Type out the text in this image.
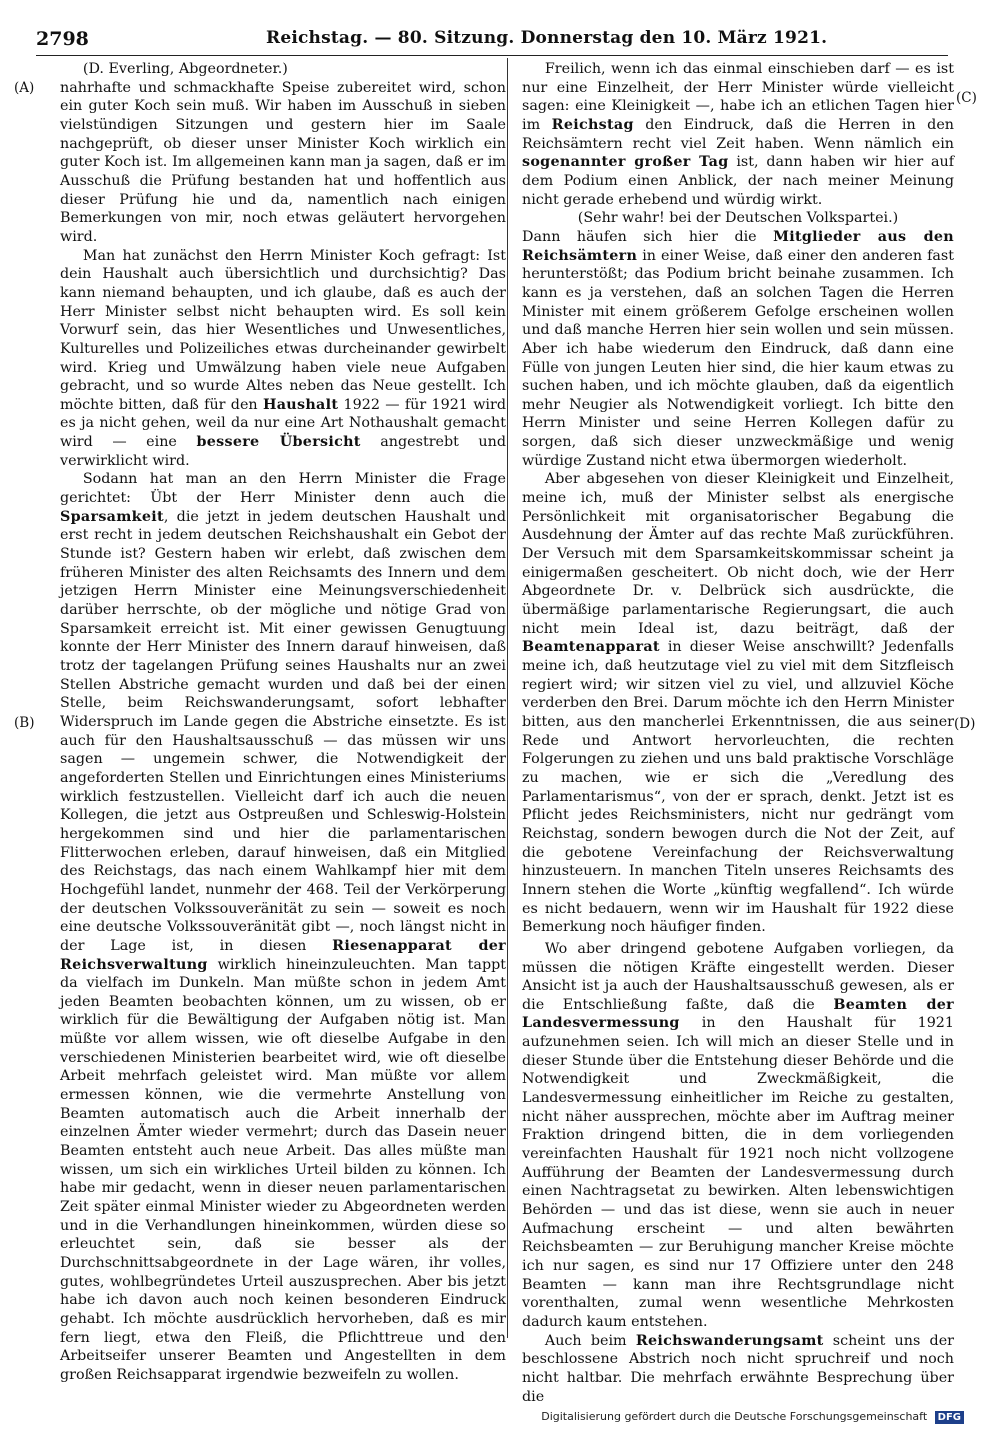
2798	Reichstag. — 80. Sitzung. Donnerstag den 10. März 1921.
(A)
(B)
(C)
(D)

(D. Everling, Abgeordneter.)

nahrhafte und schmackhafte Speise zubereitet wird, schon ein guter Koch sein muß. Wir haben im Ausschuß in sieben vielstündigen Sitzungen und gestern hier im Saale nachgeprüft, ob dieser unser Minister Koch wirklich ein guter Koch ist. Im allgemeinen kann man ja sagen, daß er im Ausschuß die Prüfung bestanden hat und hoffentlich aus dieser Prüfung hie und da, namentlich nach einigen Bemerkungen von mir, noch etwas geläutert hervorgehen wird.

Man hat zunächst den Herrn Minister Koch gefragt: Ist dein Haushalt auch übersichtlich und durchsichtig? Das kann niemand behaupten, und ich glaube, daß es auch der Herr Minister selbst nicht behaupten wird. Es soll kein Vorwurf sein, das hier Wesentliches und Unwesentliches, Kulturelles und Polizeiliches etwas durcheinander gewirbelt wird. Krieg und Umwälzung haben viele neue Aufgaben gebracht, und so wurde Altes neben das Neue gestellt. Ich möchte bitten, daß für den Haushalt 1922 — für 1921 wird es ja nicht gehen, weil da nur eine Art Nothaushalt gemacht wird — eine bessere Übersicht angestrebt und verwirklicht wird.

Sodann hat man an den Herrn Minister die Frage gerichtet: Übt der Herr Minister denn auch die Sparsamkeit, die jetzt in jedem deutschen Haushalt und erst recht in jedem deutschen Reichshaushalt ein Gebot der Stunde ist? Gestern haben wir erlebt, daß zwischen dem früheren Minister des alten Reichsamts des Innern und dem jetzigen Herrn Minister eine Meinungsverschiedenheit darüber herrschte, ob der mögliche und nötige Grad von Sparsamkeit erreicht ist. Mit einer gewissen Genugtuung konnte der Herr Minister des Innern darauf hinweisen, daß trotz der tagelangen Prüfung seines Haushalts nur an zwei Stellen Abstriche gemacht wurden und daß bei der einen Stelle, beim Reichswanderungsamt, sofort lebhafter Widerspruch im Lande gegen die Abstriche einsetzte. Es ist auch für den Haushaltsausschuß — das müssen wir uns sagen — ungemein schwer, die Notwendigkeit der angeforderten Stellen und Einrichtungen eines Ministeriums wirklich festzustellen. Vielleicht darf ich auch die neuen Kollegen, die jetzt aus Ostpreußen und Schleswig-Holstein hergekommen sind und hier die parlamentarischen Flitterwochen erleben, darauf hinweisen, daß ein Mitglied des Reichstags, das nach einem Wahlkampf hier mit dem Hochgefühl landet, nunmehr der 468. Teil der Verkörperung der deutschen Volkssouveränität zu sein — soweit es noch eine deutsche Volkssouveränität gibt —, noch längst nicht in der Lage ist, in diesen Riesenapparat der Reichsverwaltung wirklich hineinzuleuchten. Man tappt da vielfach im Dunkeln. Man müßte schon in jedem Amt jeden Beamten beobachten können, um zu wissen, ob er wirklich für die Bewältigung der Aufgaben nötig ist. Man müßte vor allem wissen, wie oft dieselbe Aufgabe in den verschiedenen Ministerien bearbeitet wird, wie oft dieselbe Arbeit mehrfach geleistet wird. Man müßte vor allem ermessen können, wie die vermehrte Anstellung von Beamten automatisch auch die Arbeit innerhalb der einzelnen Ämter wieder vermehrt; durch das Dasein neuer Beamten entsteht auch neue Arbeit. Das alles müßte man wissen, um sich ein wirkliches Urteil bilden zu können. Ich habe mir gedacht, wenn in dieser neuen parlamentarischen Zeit später einmal Minister wieder zu Abgeordneten werden und in die Verhandlungen hineinkommen, würden diese so erleuchtet sein, daß sie besser als der Durchschnittsabgeordnete in der Lage wären, ihr volles, gutes, wohlbegründetes Urteil auszusprechen. Aber bis jetzt habe ich davon auch noch keinen besonderen Eindruck gehabt. Ich möchte ausdrücklich hervorheben, daß es mir fern liegt, etwa den Fleiß, die Pflichttreue und den Arbeitseifer unserer Beamten und Angestellten in dem großen Reichsapparat irgendwie bezweifeln zu wollen.

Freilich, wenn ich das einmal einschieben darf — es ist nur eine Einzelheit, der Herr Minister würde vielleicht sagen: eine Kleinigkeit —, habe ich an etlichen Tagen hier im Reichstag den Eindruck, daß die Herren in den Reichsämtern recht viel Zeit haben. Wenn nämlich ein sogenannter großer Tag ist, dann haben wir hier auf dem Podium einen Anblick, der nach meiner Meinung nicht gerade erhebend und würdig wirkt.

(Sehr wahr! bei der Deutschen Volkspartei.)

Dann häufen sich hier die Mitglieder aus den Reichsämtern in einer Weise, daß einer den anderen fast herunterstößt; das Podium bricht beinahe zusammen. Ich kann es ja verstehen, daß an solchen Tagen die Herren Minister mit einem größerem Gefolge erscheinen wollen und daß manche Herren hier sein wollen und sein müssen. Aber ich habe wiederum den Eindruck, daß dann eine Fülle von jungen Leuten hier sind, die hier kaum etwas zu suchen haben, und ich möchte glauben, daß da eigentlich mehr Neugier als Notwendigkeit vorliegt. Ich bitte den Herrn Minister und seine Herren Kollegen dafür zu sorgen, daß sich dieser unzweckmäßige und wenig würdige Zustand nicht etwa übermorgen wiederholt.

Aber abgesehen von dieser Kleinigkeit und Einzelheit, meine ich, muß der Minister selbst als energische Persönlichkeit mit organisatorischer Begabung die Ausdehnung der Ämter auf das rechte Maß zurückführen. Der Versuch mit dem Sparsamkeitskommissar scheint ja einigermaßen gescheitert. Ob nicht doch, wie der Herr Abgeordnete Dr. v. Delbrück sich ausdrückte, die übermäßige parlamentarische Regierungsart, die auch nicht mein Ideal ist, dazu beiträgt, daß der Beamtenapparat in dieser Weise anschwillt? Jedenfalls meine ich, daß heutzutage viel zu viel mit dem Sitzfleisch regiert wird; wir sitzen viel zu viel, und allzuviel Köche verderben den Brei. Darum möchte ich den Herrn Minister bitten, aus den mancherlei Erkenntnissen, die aus seiner Rede und Antwort hervorleuchten, die rechten Folgerungen zu ziehen und uns bald praktische Vorschläge zu machen, wie er sich die „Veredlung des Parlamentarismus“, von der er sprach, denkt. Jetzt ist es Pflicht jedes Reichsministers, nicht nur gedrängt vom Reichstag, sondern bewogen durch die Not der Zeit, auf die gebotene Vereinfachung der Reichsverwaltung hinzusteuern. In manchen Titeln unseres Reichsamts des Innern stehen die Worte „künftig wegfallend“. Ich würde es nicht bedauern, wenn wir im Haushalt für 1922 diese Bemerkung noch häufiger finden.

Wo aber dringend gebotene Aufgaben vorliegen, da müssen die nötigen Kräfte eingestellt werden. Dieser Ansicht ist ja auch der Haushaltsausschuß gewesen, als er die Entschließung faßte, daß die Beamten der Landesvermessung in den Haushalt für 1921 aufzunehmen seien. Ich will mich an dieser Stelle und in dieser Stunde über die Entstehung dieser Behörde und die Notwendigkeit und Zweckmäßigkeit, die Landesvermessung einheitlicher im Reiche zu gestalten, nicht näher aussprechen, möchte aber im Auftrag meiner Fraktion dringend bitten, die in dem vorliegenden vereinfachten Haushalt für 1921 noch nicht vollzogene Aufführung der Beamten der Landesvermessung durch einen Nachtragsetat zu bewirken. Alten lebenswichtigen Behörden — und das ist diese, wenn sie auch in neuer Aufmachung erscheint — und alten bewährten Reichsbeamten — zur Beruhigung mancher Kreise möchte ich nur sagen, es sind nur 17 Offiziere unter den 248 Beamten — kann man ihre Rechtsgrundlage nicht vorenthalten, zumal wenn wesentliche Mehrkosten dadurch kaum entstehen.

Auch beim Reichswanderungsamt scheint uns der beschlossene Abstrich noch nicht spruchreif und noch nicht haltbar. Die mehrfach erwähnte Besprechung über die

Digitalisierung gefördert durch die Deutsche Forschungsgemeinschaft DFG
